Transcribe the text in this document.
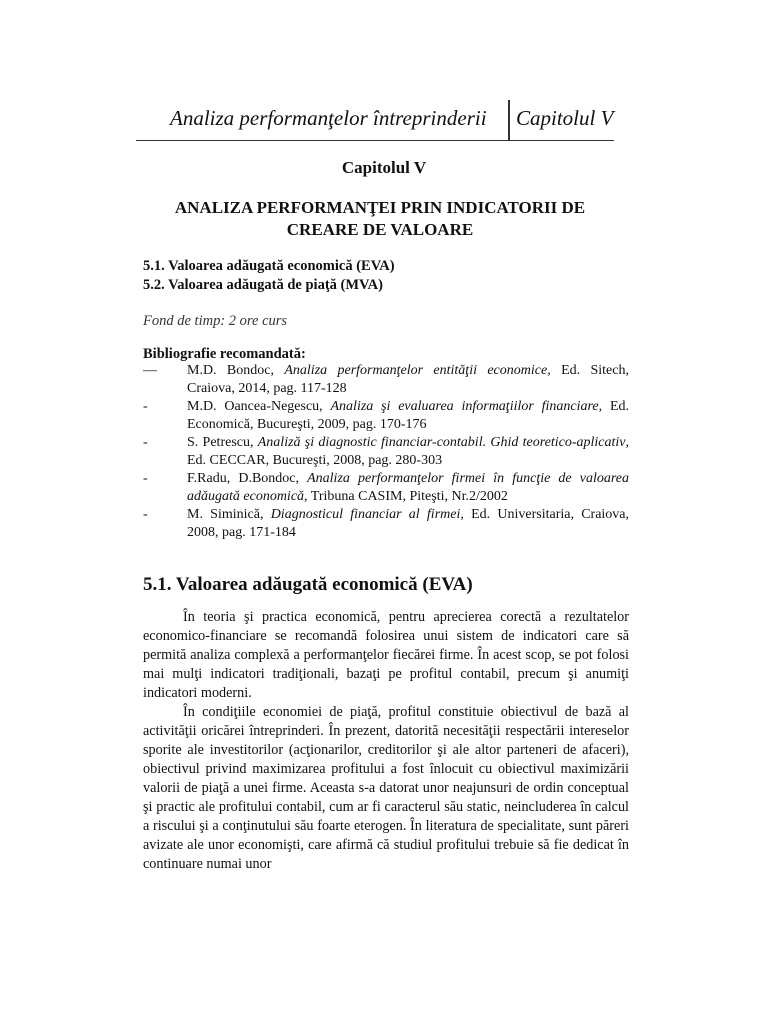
Analiza performanţelor întreprinderii Capitolul V
Capitolul V
ANALIZA PERFORMANŢEI PRIN INDICATORII DE CREARE DE VALOARE
5.1. Valoarea adăugată economică (EVA)
5.2. Valoarea adăugată de piaţă (MVA)
Fond de timp: 2 ore curs
Bibliografie recomandată:
— M.D. Bondoc, Analiza performanţelor entităţii economice, Ed. Sitech, Craiova, 2014, pag. 117-128
-	M.D. Oancea-Negescu, Analiza şi evaluarea informaţiilor financiare, Ed. Economică, Bucureşti, 2009, pag. 170-176
-	S. Petrescu, Analiză şi diagnostic financiar-contabil. Ghid teoretico-aplicativ, Ed. CECCAR, Bucureşti, 2008, pag. 280-303
-	F.Radu, D.Bondoc, Analiza performanţelor firmei în funcţie de valoarea adăugată economică, Tribuna CASIM, Piteşti, Nr.2/2002
-	M. Siminică, Diagnosticul financiar al firmei, Ed. Universitaria, Craiova, 2008, pag. 171-184
5.1. Valoarea adăugată economică (EVA)

În teoria şi practica economică, pentru aprecierea corectă a rezultatelor economico-financiare se recomandă folosirea unui sistem de indicatori care să permită analiza complexă a performanţelor fiecărei firme. În acest scop, se pot folosi mai mulţi indicatori tradiţionali, bazaţi pe profitul contabil, precum şi anumiţi indicatori moderni.

În condiţiile economiei de piaţă, profitul constituie obiectivul de bază al activităţii oricărei întreprinderi. În prezent, datorită necesităţii respectării intereselor sporite ale investitorilor (acţionarilor, creditorilor şi ale altor parteneri de afaceri), obiectivul privind maximizarea profitului a fost înlocuit cu obiectivul maximizării valorii de piaţă a unei firme. Aceasta s-a datorat unor neajunsuri de ordin conceptual şi practic ale profitului contabil, cum ar fi caracterul său static, neincluderea în calcul a riscului şi a conţinutului său foarte eterogen. În literatura de specialitate, sunt păreri avizate ale unor economişti, care afirmă că studiul profitului trebuie să fie dedicat în continuare numai unor
